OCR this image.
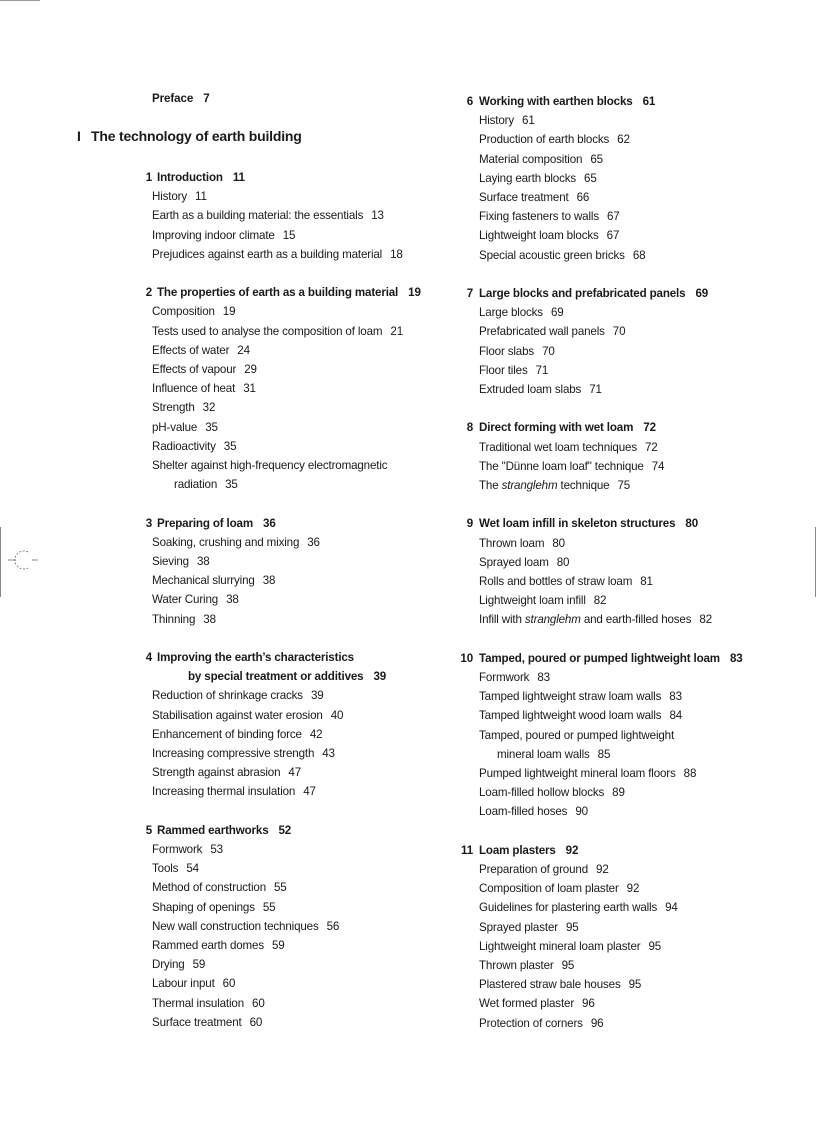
Preface 7
I The technology of earth building
1 Introduction 11
History 11
Earth as a building material: the essentials 13
Improving indoor climate 15
Prejudices against earth as a building material 18
2 The properties of earth as a building material 19
Composition 19
Tests used to analyse the composition of loam 21
Effects of water 24
Effects of vapour 29
Influence of heat 31
Strength 32
pH-value 35
Radioactivity 35
Shelter against high-frequency electromagnetic
radiation 35
3 Preparing of loam 36
Soaking, crushing and mixing 36
Sieving 38
Mechanical slurrying 38
Water Curing 38
Thinning 38
4 Improving the earth’s characteristics
by special treatment or additives 39
Reduction of shrinkage cracks 39
Stabilisation against water erosion 40
Enhancement of binding force 42
Increasing compressive strength 43
Strength against abrasion 47
Increasing thermal insulation 47
5 Rammed earthworks 52
Formwork 53
Tools 54
Method of construction 55
Shaping of openings 55
New wall construction techniques 56
Rammed earth domes 59
Drying 59
Labour input 60
Thermal insulation 60
Surface treatment 60
6 Working with earthen blocks 61
History 61
Production of earth blocks 62
Material composition 65
Laying earth blocks 65
Surface treatment 66
Fixing fasteners to walls 67
Lightweight loam blocks 67
Special acoustic green bricks 68
7 Large blocks and prefabricated panels 69
Large blocks 69
Prefabricated wall panels 70
Floor slabs 70
Floor tiles 71
Extruded loam slabs 71
8 Direct forming with wet loam 72
Traditional wet loam techniques 72
The "Dünne loam loaf" technique 74
The stranglehm technique 75
9 Wet loam infill in skeleton structures 80
Thrown loam 80
Sprayed loam 80
Rolls and bottles of straw loam 81
Lightweight loam infill 82
Infill with stranglehm and earth-filled hoses 82
10 Tamped, poured or pumped lightweight loam 83
Formwork 83
Tamped lightweight straw loam walls 83
Tamped lightweight wood loam walls 84
Tamped, poured or pumped lightweight
mineral loam walls 85
Pumped lightweight mineral loam floors 88
Loam-filled hollow blocks 89
Loam-filled hoses 90
11 Loam plasters 92
Preparation of ground 92
Composition of loam plaster 92
Guidelines for plastering earth walls 94
Sprayed plaster 95
Lightweight mineral loam plaster 95
Thrown plaster 95
Plastered straw bale houses 95
Wet formed plaster 96
Protection of corners 96
